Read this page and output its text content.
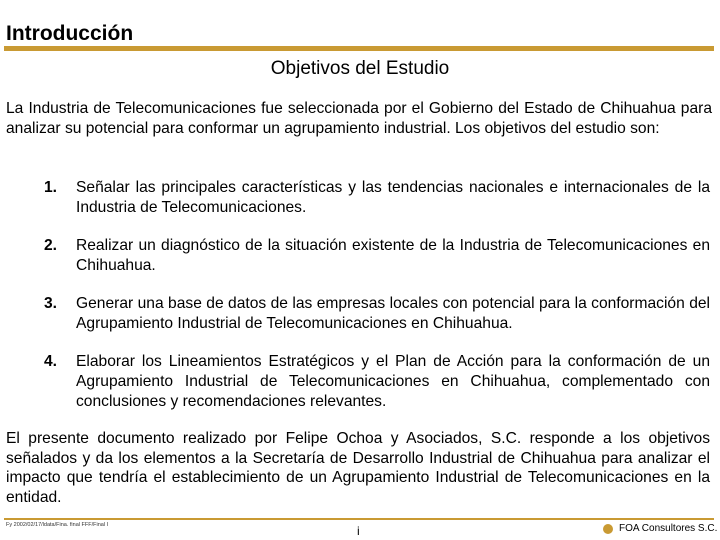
Introducción
Objetivos del Estudio
La Industria de Telecomunicaciones fue seleccionada por el Gobierno del Estado de Chihuahua para analizar su potencial para conformar un agrupamiento industrial. Los objetivos del estudio son:
1. Señalar las principales características y las tendencias nacionales e internacionales de la Industria de Telecomunicaciones.
2. Realizar un diagnóstico de la situación existente de la Industria de Telecomunicaciones en Chihuahua.
3. Generar una base de datos de las empresas locales con potencial para la conformación del Agrupamiento Industrial de Telecomunicaciones en Chihuahua.
4. Elaborar los Lineamientos Estratégicos y el Plan de Acción para la conformación de un Agrupamiento Industrial de Telecomunicaciones en Chihuahua, complementado con conclusiones y recomendaciones relevantes.
El presente documento realizado por Felipe Ochoa y Asociados, S.C. responde a los objetivos señalados y da los elementos a la Secretaría de Desarrollo Industrial de Chihuahua para analizar el impacto que tendría el establecimiento de un Agrupamiento Industrial de Telecomunicaciones en la entidad.
Fy 2002/02/17/ldata/Fina. final FFF/Final I	i	FOA Consultores S.C.
